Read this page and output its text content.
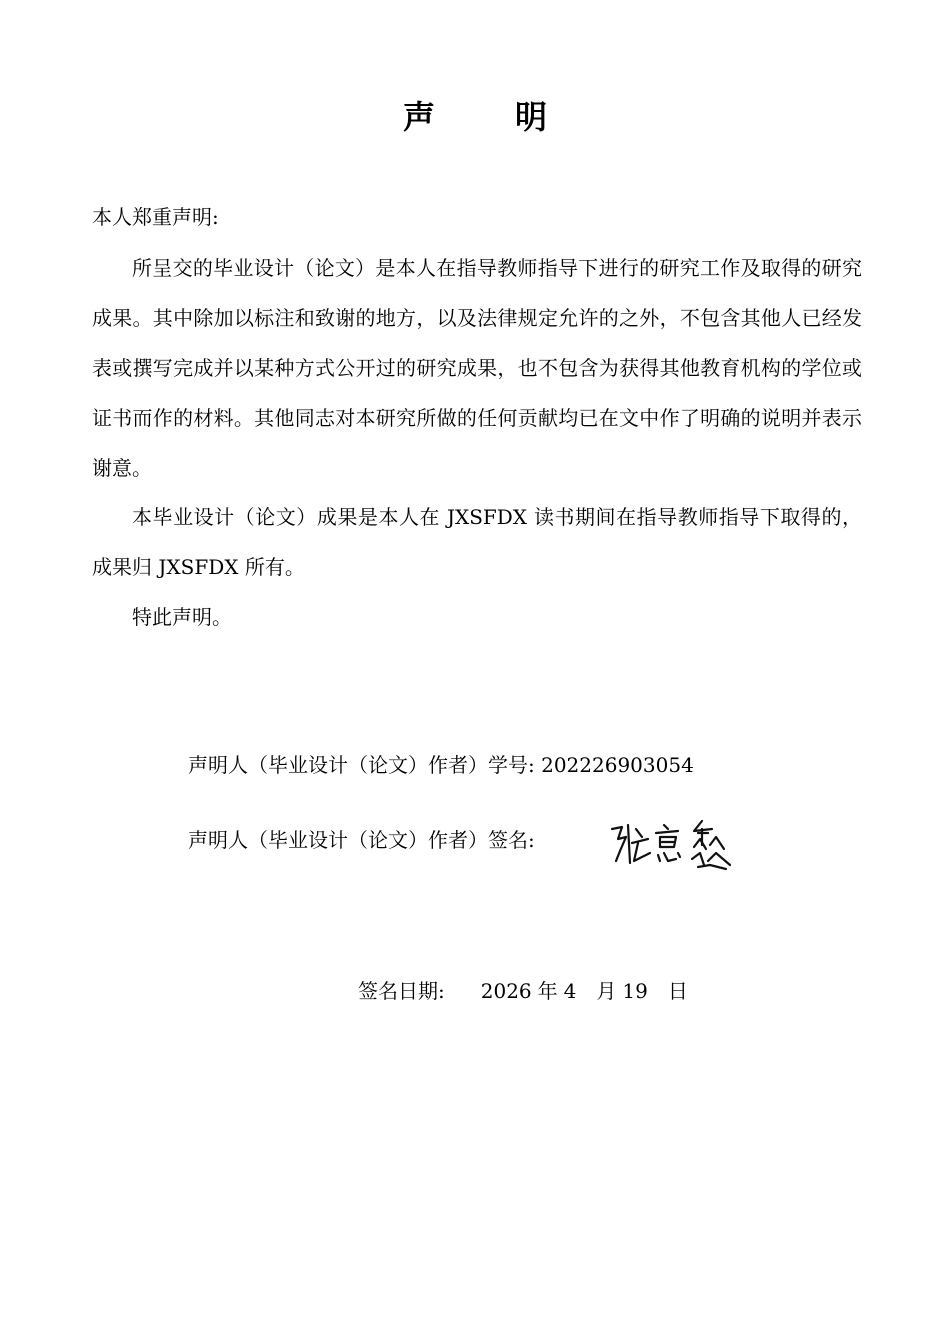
声	明

本人郑重声明:

所呈交的毕业设计（论文）是本人在指导教师指导下进行的研究工作及取得的研究成果。其中除加以标注和致谢的地方，以及法律规定允许的之外，不包含其他人已经发表或撰写完成并以某种方式公开过的研究成果，也不包含为获得其他教育机构的学位或证书而作的材料。其他同志对本研究所做的任何贡献均已在文中作了明确的说明并表示谢意。

本毕业设计（论文）成果是本人在 JXSFDX 读书期间在指导教师指导下取得的，成果归 JXSFDX 所有。

特此声明。

声明人（毕业设计（论文）作者）学号: 202226903054

声明人（毕业设计（论文）作者）签名:

签名日期: 2026 年 4 月 19 日
